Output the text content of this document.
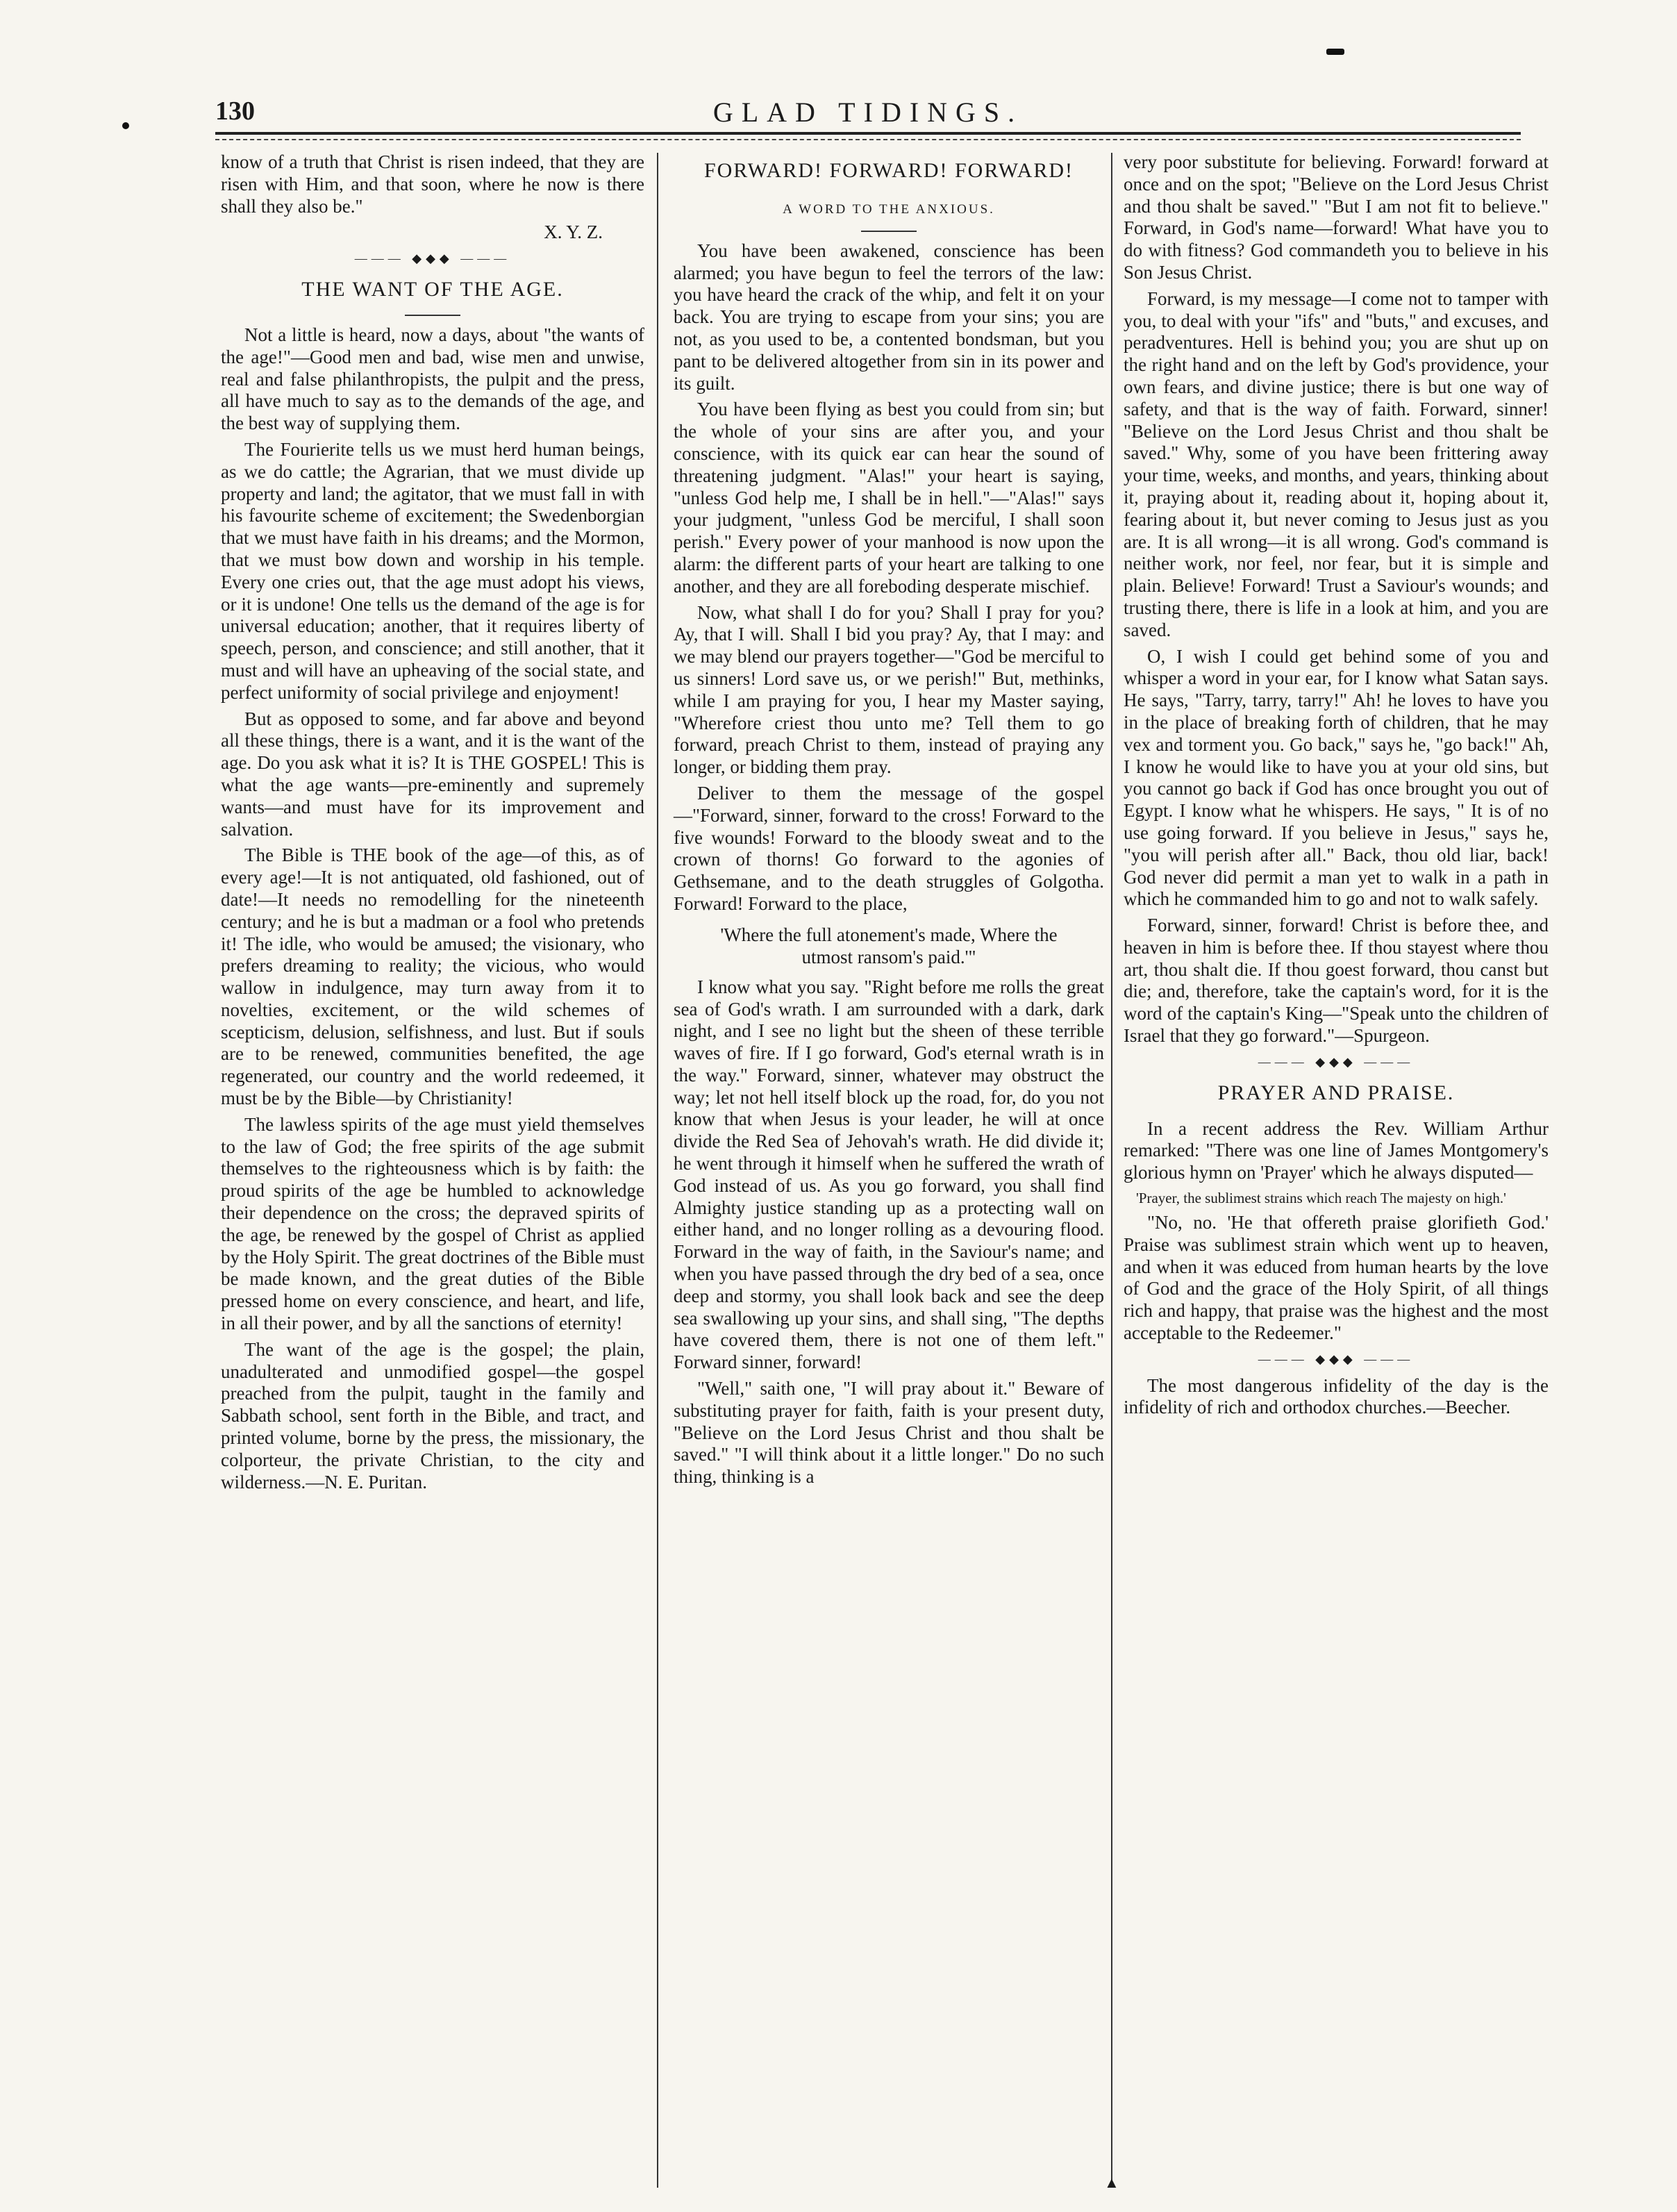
130	GLAD TIDINGS.

know of a truth that Christ is risen indeed, that they are risen with Him, and that soon, where he now is there shall they also be."

X. Y. Z.
——— ◆◆◆ ———
THE WANT OF THE AGE.

Not a little is heard, now a days, about "the wants of the age!"—Good men and bad, wise men and unwise, real and false philanthropists, the pulpit and the press, all have much to say as to the demands of the age, and the best way of supplying them.

The Fourierite tells us we must herd human beings, as we do cattle; the Agrarian, that we must divide up property and land; the agitator, that we must fall in with his favourite scheme of excitement; the Swedenborgian that we must have faith in his dreams; and the Mormon, that we must bow down and worship in his temple. Every one cries out, that the age must adopt his views, or it is undone! One tells us the demand of the age is for universal education; another, that it requires liberty of speech, person, and conscience; and still another, that it must and will have an upheaving of the social state, and perfect uniformity of social privilege and enjoyment!

But as opposed to some, and far above and beyond all these things, there is a want, and it is the want of the age. Do you ask what it is? It is THE GOSPEL! This is what the age wants—pre-eminently and supremely wants—and must have for its improvement and salvation.

The Bible is THE book of the age—of this, as of every age!—It is not antiquated, old fashioned, out of date!—It needs no remodelling for the nineteenth century; and he is but a madman or a fool who pretends it! The idle, who would be amused; the visionary, who prefers dreaming to reality; the vicious, who would wallow in indulgence, may turn away from it to novelties, excitement, or the wild schemes of scepticism, delusion, selfishness, and lust. But if souls are to be renewed, communities benefited, the age regenerated, our country and the world redeemed, it must be by the Bible—by Christianity!

The lawless spirits of the age must yield themselves to the law of God; the free spirits of the age submit themselves to the righteousness which is by faith: the proud spirits of the age be humbled to acknowledge their dependence on the cross; the depraved spirits of the age, be renewed by the gospel of Christ as applied by the Holy Spirit. The great doctrines of the Bible must be made known, and the great duties of the Bible pressed home on every conscience, and heart, and life, in all their power, and by all the sanctions of eternity!

The want of the age is the gospel; the plain, unadulterated and unmodified gospel—the gospel preached from the pulpit, taught in the family and Sabbath school, sent forth in the Bible, and tract, and printed volume, borne by the press, the missionary, the colporteur, the private Christian, to the city and wilderness.—N. E. Puritan.

FORWARD! FORWARD! FORWARD!
A WORD TO THE ANXIOUS.

You have been awakened, conscience has been alarmed; you have begun to feel the terrors of the law: you have heard the crack of the whip, and felt it on your back. You are trying to escape from your sins; you are not, as you used to be, a contented bondsman, but you pant to be delivered altogether from sin in its power and its guilt.

You have been flying as best you could from sin; but the whole of your sins are after you, and your conscience, with its quick ear can hear the sound of threatening judgment. "Alas!" your heart is saying, "unless God help me, I shall be in hell."—"Alas!" says your judgment, "unless God be merciful, I shall soon perish." Every power of your manhood is now upon the alarm: the different parts of your heart are talking to one another, and they are all foreboding desperate mischief.

Now, what shall I do for you? Shall I pray for you? Ay, that I will. Shall I bid you pray? Ay, that I may: and we may blend our prayers together—"God be merciful to us sinners! Lord save us, or we perish!" But, methinks, while I am praying for you, I hear my Master saying, "Wherefore criest thou unto me? Tell them to go forward, preach Christ to them, instead of praying any longer, or bidding them pray.

Deliver to them the message of the gospel—"Forward, sinner, forward to the cross! Forward to the five wounds! Forward to the bloody sweat and to the crown of thorns! Go forward to the agonies of Gethsemane, and to the death struggles of Golgotha. Forward! Forward to the place,

'Where the full atonement's made, Where the utmost ransom's paid.'"

I know what you say. "Right before me rolls the great sea of God's wrath. I am surrounded with a dark, dark night, and I see no light but the sheen of these terrible waves of fire. If I go forward, God's eternal wrath is in the way." Forward, sinner, whatever may obstruct the way; let not hell itself block up the road, for, do you not know that when Jesus is your leader, he will at once divide the Red Sea of Jehovah's wrath. He did divide it; he went through it himself when he suffered the wrath of God instead of us. As you go forward, you shall find Almighty justice standing up as a protecting wall on either hand, and no longer rolling as a devouring flood. Forward in the way of faith, in the Saviour's name; and when you have passed through the dry bed of a sea, once deep and stormy, you shall look back and see the deep sea swallowing up your sins, and shall sing, "The depths have covered them, there is not one of them left." Forward sinner, forward!

"Well," saith one, "I will pray about it." Beware of substituting prayer for faith, faith is your present duty, "Believe on the Lord Jesus Christ and thou shalt be saved." "I will think about it a little longer." Do no such thing, thinking is a

very poor substitute for believing. Forward! forward at once and on the spot; "Believe on the Lord Jesus Christ and thou shalt be saved." "But I am not fit to believe." Forward, in God's name—forward! What have you to do with fitness? God commandeth you to believe in his Son Jesus Christ.

Forward, is my message—I come not to tamper with you, to deal with your "ifs" and "buts," and excuses, and peradventures. Hell is behind you; you are shut up on the right hand and on the left by God's providence, your own fears, and divine justice; there is but one way of safety, and that is the way of faith. Forward, sinner! "Believe on the Lord Jesus Christ and thou shalt be saved." Why, some of you have been frittering away your time, weeks, and months, and years, thinking about it, praying about it, reading about it, hoping about it, fearing about it, but never coming to Jesus just as you are. It is all wrong—it is all wrong. God's command is neither work, nor feel, nor fear, but it is simple and plain. Believe! Forward! Trust a Saviour's wounds; and trusting there, there is life in a look at him, and you are saved.

O, I wish I could get behind some of you and whisper a word in your ear, for I know what Satan says. He says, "Tarry, tarry, tarry!" Ah! he loves to have you in the place of breaking forth of children, that he may vex and torment you. Go back," says he, "go back!" Ah, I know he would like to have you at your old sins, but you cannot go back if God has once brought you out of Egypt. I know what he whispers. He says, " It is of no use going forward. If you believe in Jesus," says he, "you will perish after all." Back, thou old liar, back! God never did permit a man yet to walk in a path in which he commanded him to go and not to walk safely.

Forward, sinner, forward! Christ is before thee, and heaven in him is before thee. If thou stayest where thou art, thou shalt die. If thou goest forward, thou canst but die; and, therefore, take the captain's word, for it is the word of the captain's King—"Speak unto the children of Israel that they go forward."—Spurgeon.

——— ◆◆◆ ———
PRAYER AND PRAISE.

In a recent address the Rev. William Arthur remarked: "There was one line of James Montgomery's glorious hymn on 'Prayer' which he always disputed—

'Prayer, the sublimest strains which reach The majesty on high.'

"No, no. 'He that offereth praise glorifieth God.' Praise was sublimest strain which went up to heaven, and when it was educed from human hearts by the love of God and the grace of the Holy Spirit, of all things rich and happy, that praise was the highest and the most acceptable to the Redeemer."

——— ◆◆◆ ———

The most dangerous infidelity of the day is the infidelity of rich and orthodox churches.—Beecher.

▲
